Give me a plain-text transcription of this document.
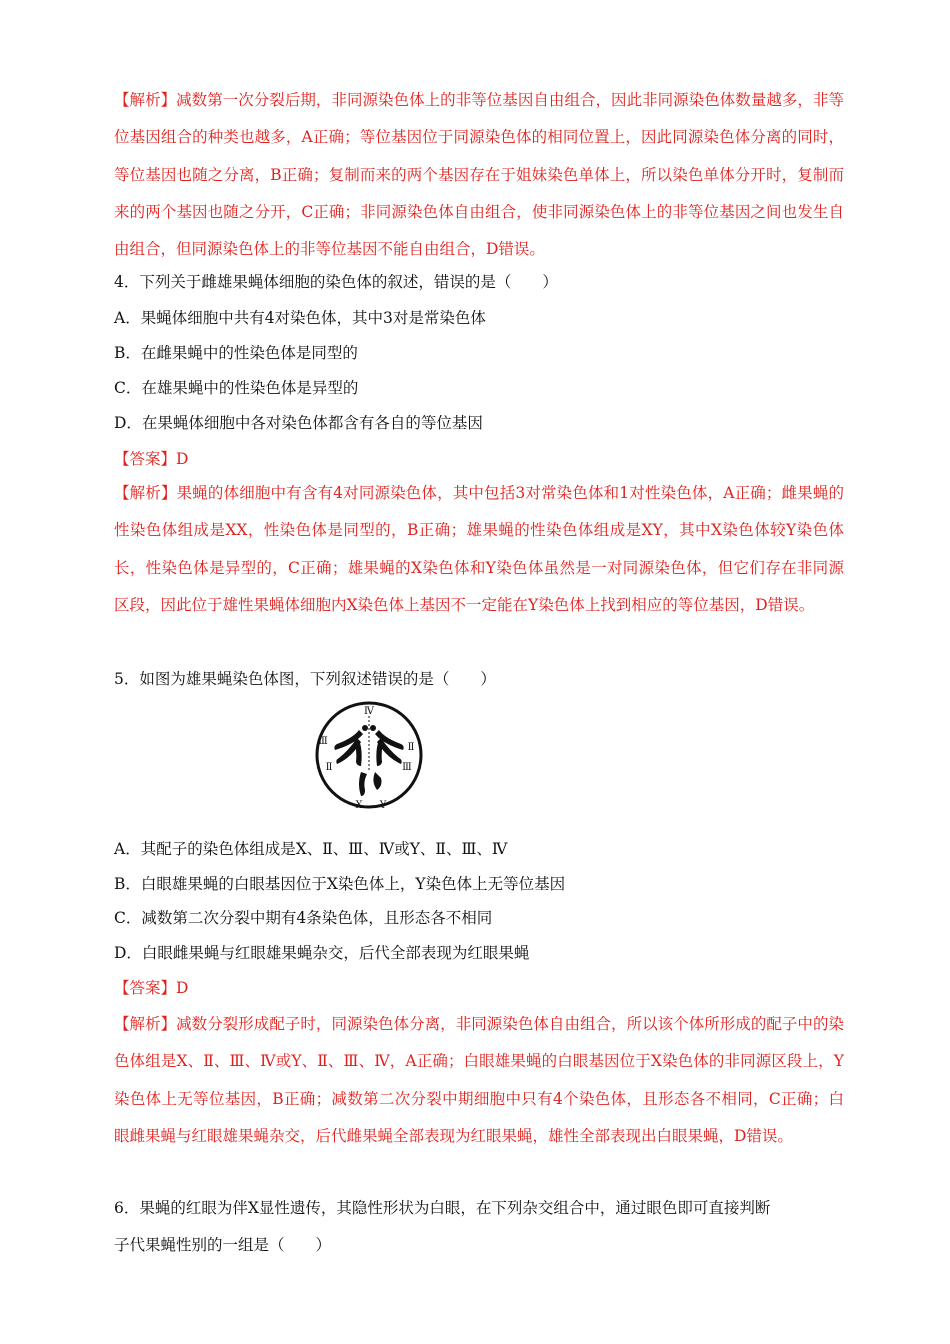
【解析】减数第一次分裂后期，非同源染色体上的非等位基因自由组合，因此非同源染色体数量越多，非等位基因组合的种类也越多，A正确；等位基因位于同源染色体的相同位置上，因此同源染色体分离的同时，等位基因也随之分离，B正确；复制而来的两个基因存在于姐妹染色单体上，所以染色单体分开时，复制而来的两个基因也随之分开，C正确；非同源染色体自由组合，使非同源染色体上的非等位基因之间也发生自由组合，但同源染色体上的非等位基因不能自由组合，D错误。
4．下列关于雌雄果蝇体细胞的染色体的叙述，错误的是（　　）
A．果蝇体细胞中共有4对染色体，其中3对是常染色体
B．在雌果蝇中的性染色体是同型的
C．在雄果蝇中的性染色体是异型的
D．在果蝇体细胞中各对染色体都含有各自的等位基因
【答案】D
【解析】果蝇的体细胞中有含有4对同源染色体，其中包括3对常染色体和1对性染色体，A正确；雌果蝇的性染色体组成是XX，性染色体是同型的，B正确；雄果蝇的性染色体组成是XY，其中X染色体较Y染色体长，性染色体是异型的，C正确；雄果蝇的X染色体和Y染色体虽然是一对同源染色体，但它们存在非同源区段，因此位于雄性果蝇体细胞内X染色体上基因不一定能在Y染色体上找到相应的等位基因，D错误。
5．如图为雄果蝇染色体图，下列叙述错误的是（　　）
Ⅳ
Ⅲ
Ⅱ
Ⅱ
Ⅲ
X Y
A．其配子的染色体组成是X、Ⅱ、Ⅲ、Ⅳ或Y、Ⅱ、Ⅲ、Ⅳ
B．白眼雄果蝇的白眼基因位于X染色体上，Y染色体上无等位基因
C．减数第二次分裂中期有4条染色体，且形态各不相同
D．白眼雌果蝇与红眼雄果蝇杂交，后代全部表现为红眼果蝇
【答案】D
【解析】减数分裂形成配子时，同源染色体分离，非同源染色体自由组合，所以该个体所形成的配子中的染色体组是X、Ⅱ、Ⅲ、Ⅳ或Y、Ⅱ、Ⅲ、Ⅳ，A正确；白眼雄果蝇的白眼基因位于X染色体的非同源区段上，Y染色体上无等位基因，B正确；减数第二次分裂中期细胞中只有4个染色体，且形态各不相同，C正确；白眼雌果蝇与红眼雄果蝇杂交，后代雌果蝇全部表现为红眼果蝇，雄性全部表现出白眼果蝇，D错误。
6．果蝇的红眼为伴X显性遗传，其隐性形状为白眼，在下列杂交组合中，通过眼色即可直接判断
子代果蝇性别的一组是（　　）
